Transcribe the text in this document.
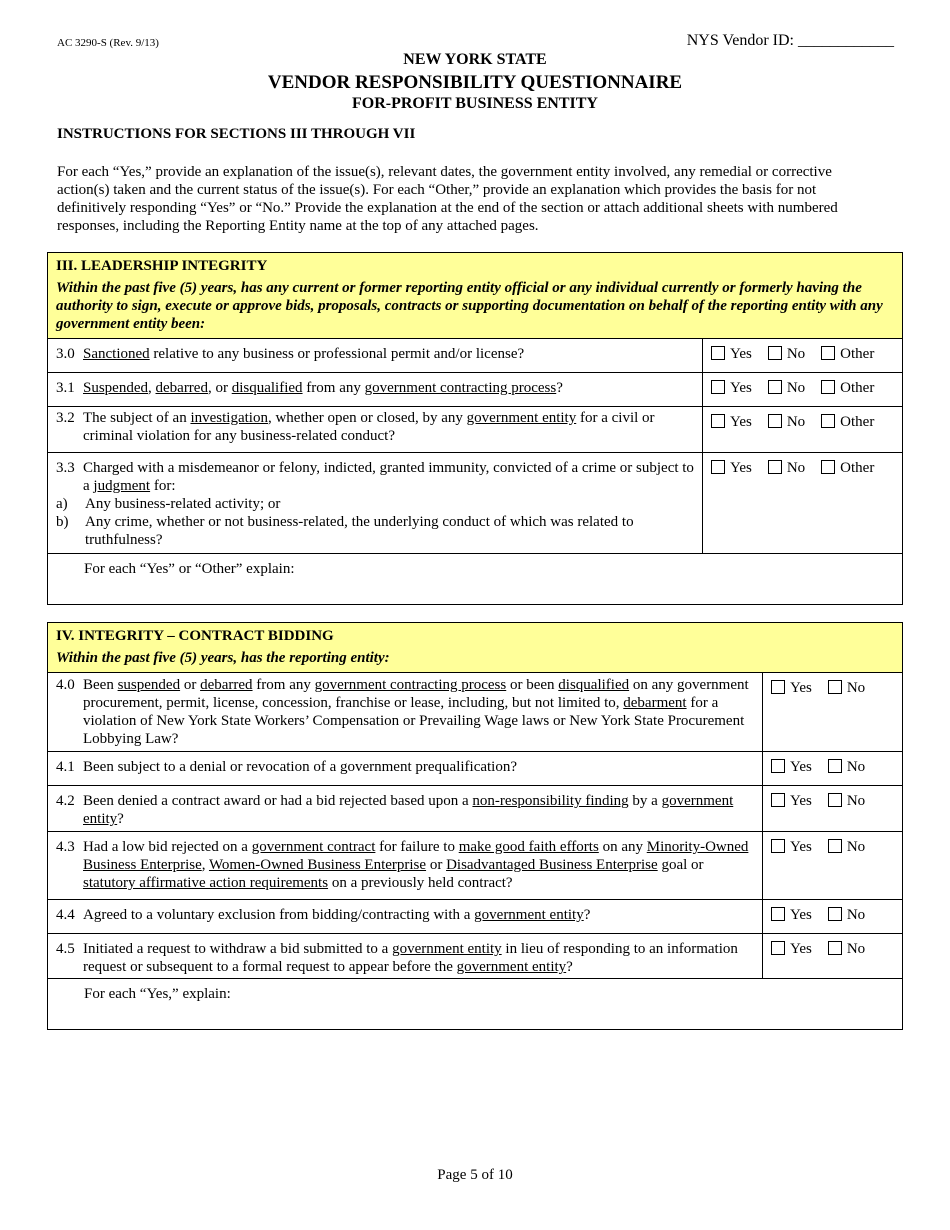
AC 3290-S (Rev. 9/13)	NYS Vendor ID: ____________
NEW YORK STATE
VENDOR RESPONSIBILITY QUESTIONNAIRE
FOR-PROFIT BUSINESS ENTITY
INSTRUCTIONS FOR SECTIONS III THROUGH VII
For each “Yes,” provide an explanation of the issue(s), relevant dates, the government entity involved, any remedial or corrective action(s) taken and the current status of the issue(s). For each “Other,” provide an explanation which provides the basis for not definitively responding “Yes” or “No.” Provide the explanation at the end of the section or attach additional sheets with numbered responses, including the Reporting Entity name at the top of any attached pages.
III. LEADERSHIP INTEGRITY
Within the past five (5) years, has any current or former reporting entity official or any individual currently or formerly having the authority to sign, execute or approve bids, proposals, contracts or supporting documentation on behalf of the reporting entity with any government entity been:
3.0 Sanctioned relative to any business or professional permit and/or license?	Yes No Other
3.1 Suspended, debarred, or disqualified from any government contracting process?	Yes No Other
3.2 The subject of an investigation, whether open or closed, by any government entity for a civil or criminal violation for any business-related conduct?
Yes No Other
3.3 Charged with a misdemeanor or felony, indicted, granted immunity, convicted of a crime or subject to a judgment for:
a)	Any business-related activity; or
b)	Any crime, whether or not business-related, the underlying conduct of which was related to truthfulness?
Yes No Other
For each “Yes” or “Other” explain:
IV. INTEGRITY – CONTRACT BIDDING
Within the past five (5) years, has the reporting entity:
4.0 Been suspended or debarred from any government contracting process or been disqualified on any government procurement, permit, license, concession, franchise or lease, including, but not limited to, debarment for a violation of New York State Workers’ Compensation or Prevailing Wage laws or New York State Procurement Lobbying Law?
Yes No
4.1 Been subject to a denial or revocation of a government prequalification?	Yes No
4.2 Been denied a contract award or had a bid rejected based upon a non-responsibility finding by a government entity?
Yes No
4.3 Had a low bid rejected on a government contract for failure to make good faith efforts on any Minority-Owned Business Enterprise, Women-Owned Business Enterprise or Disadvantaged Business Enterprise goal or statutory affirmative action requirements on a previously held contract?
Yes No
4.4 Agreed to a voluntary exclusion from bidding/contracting with a government entity?	Yes No
4.5 Initiated a request to withdraw a bid submitted to a government entity in lieu of responding to an information request or subsequent to a formal request to appear before the government entity?
Yes No
For each “Yes,” explain:
Page 5 of 10
